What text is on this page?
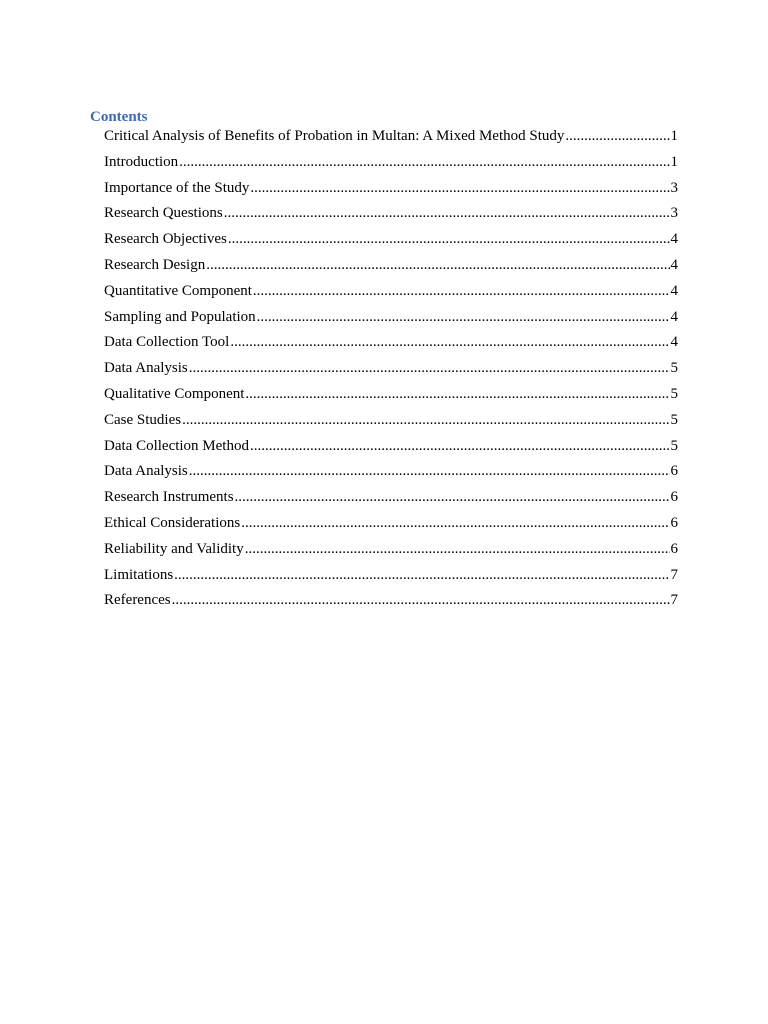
Contents
Critical Analysis of Benefits of Probation in Multan: A Mixed Method Study .....	1
Introduction .....	1
Importance of the Study .....	3
Research Questions .....	3
Research Objectives .....	4
Research Design .....	4
Quantitative Component .....	4
Sampling and Population .....	4
Data Collection Tool .....	4
Data Analysis .....	5
Qualitative Component .....	5
Case Studies .....	5
Data Collection Method .....	5
Data Analysis .....	6
Research Instruments .....	6
Ethical Considerations .....	6
Reliability and Validity .....	6
Limitations .....	7
References .....	7
